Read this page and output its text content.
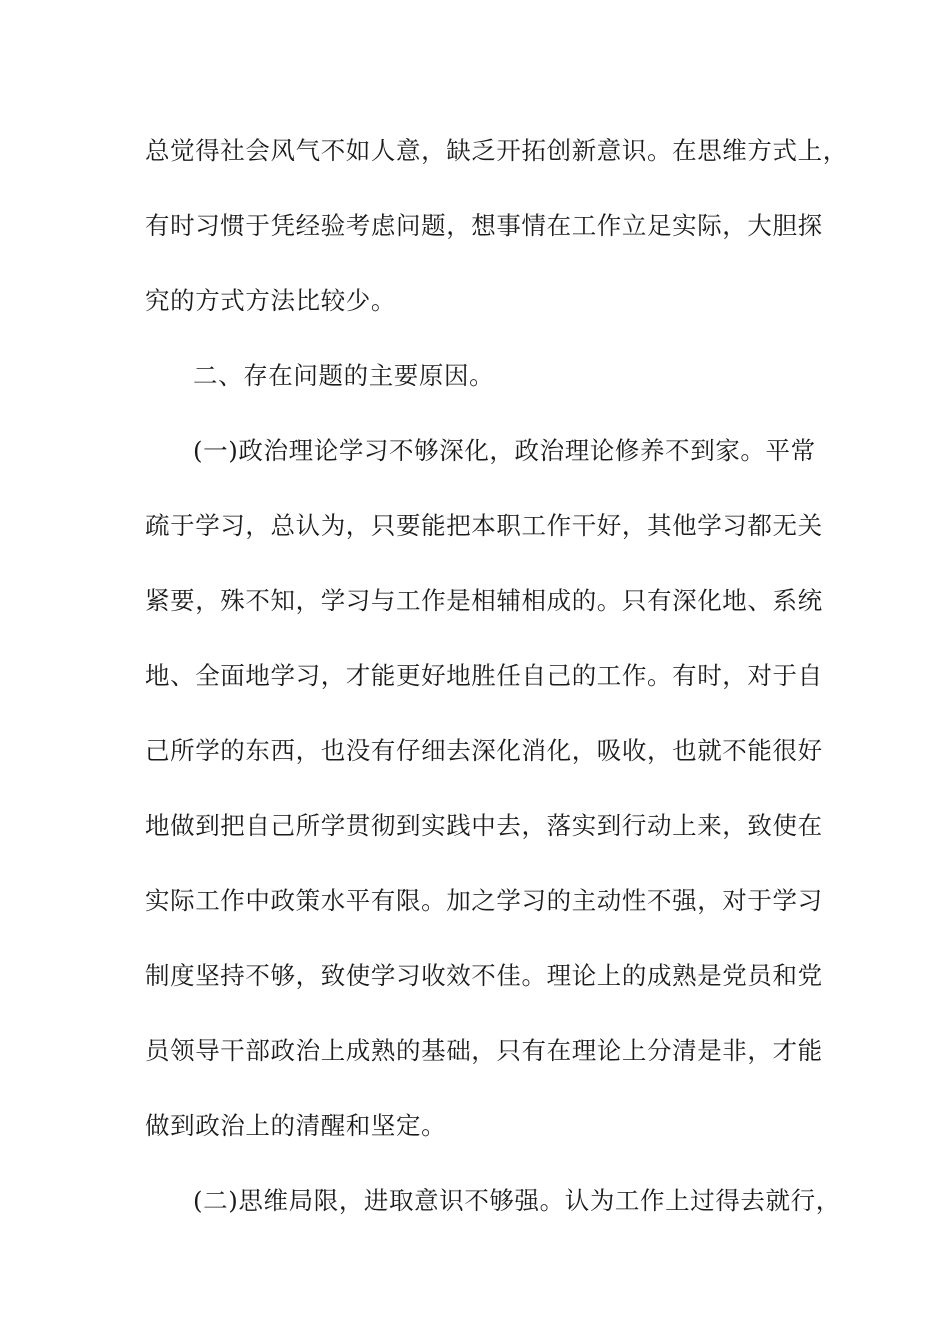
总觉得社会风气不如人意，缺乏开拓创新意识。在思维方式上，
有时习惯于凭经验考虑问题，想事情在工作立足实际，大胆探
究的方式方法比较少。
二、存在问题的主要原因。
(一)政治理论学习不够深化，政治理论修养不到家。平常
疏于学习，总认为，只要能把本职工作干好，其他学习都无关
紧要，殊不知，学习与工作是相辅相成的。只有深化地、系统
地、全面地学习，才能更好地胜任自己的工作。有时，对于自
己所学的东西，也没有仔细去深化消化，吸收，也就不能很好
地做到把自己所学贯彻到实践中去，落实到行动上来，致使在
实际工作中政策水平有限。加之学习的主动性不强，对于学习
制度坚持不够，致使学习收效不佳。理论上的成熟是党员和党
员领导干部政治上成熟的基础，只有在理论上分清是非，才能
做到政治上的清醒和坚定。
(二)思维局限，进取意识不够强。认为工作上过得去就行，
